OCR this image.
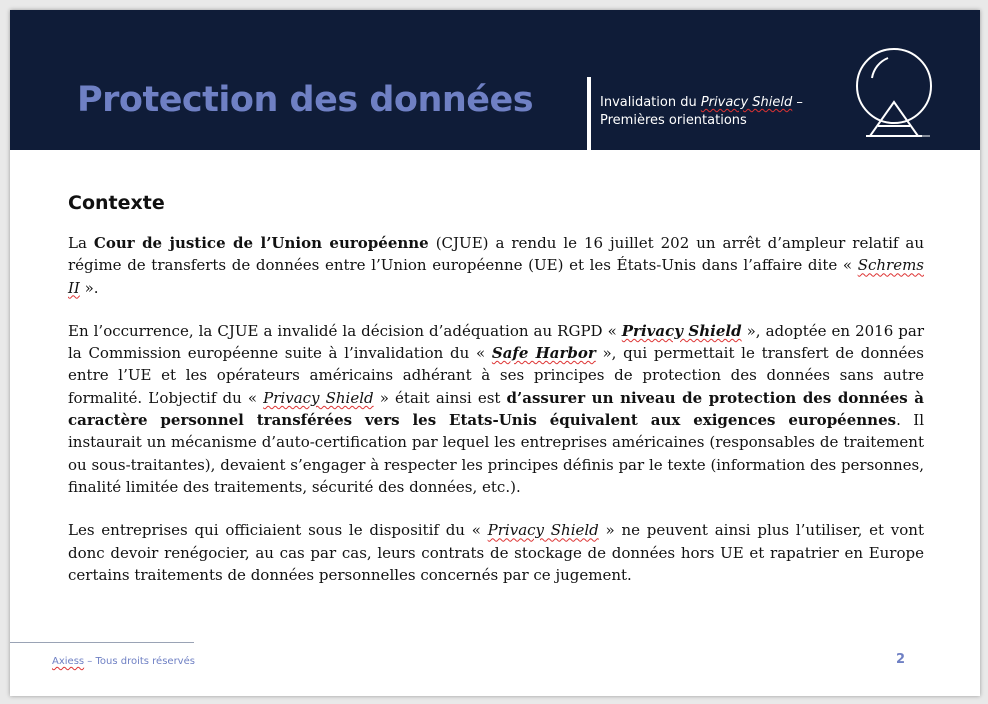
Protection des données	Invalidation du Privacy Shield –
Premières orientations
Contexte

La Cour de justice de l’Union européenne (CJUE) a rendu le 16 juillet 202 un arrêt d’ampleur relatif au régime de transferts de données entre l’Union européenne (UE) et les États-Unis dans l’affaire dite « Schrems II ».

En l’occurrence, la CJUE a invalidé la décision d’adéquation au RGPD « Privacy Shield », adoptée en 2016 par la Commission européenne suite à l’invalidation du « Safe Harbor », qui permettait le transfert de données entre l’UE et les opérateurs américains adhérant à ses principes de protection des données sans autre formalité. L’objectif du « Privacy Shield » était ainsi est d’assurer un niveau de protection des données à caractère personnel transférées vers les Etats-Unis équivalent aux exigences européennes. Il instaurait un mécanisme d’auto-certification par lequel les entreprises américaines (responsables de traitement ou sous-traitantes), devaient s’engager à respecter les principes définis par le texte (information des personnes, finalité limitée des traitements, sécurité des données, etc.).

Les entreprises qui officiaient sous le dispositif du « Privacy Shield » ne peuvent ainsi plus l’utiliser, et vont donc devoir renégocier, au cas par cas, leurs contrats de stockage de données hors UE et rapatrier en Europe certains traitements de données personnelles concernés par ce jugement.

Axiess – Tous droits réservés	2
